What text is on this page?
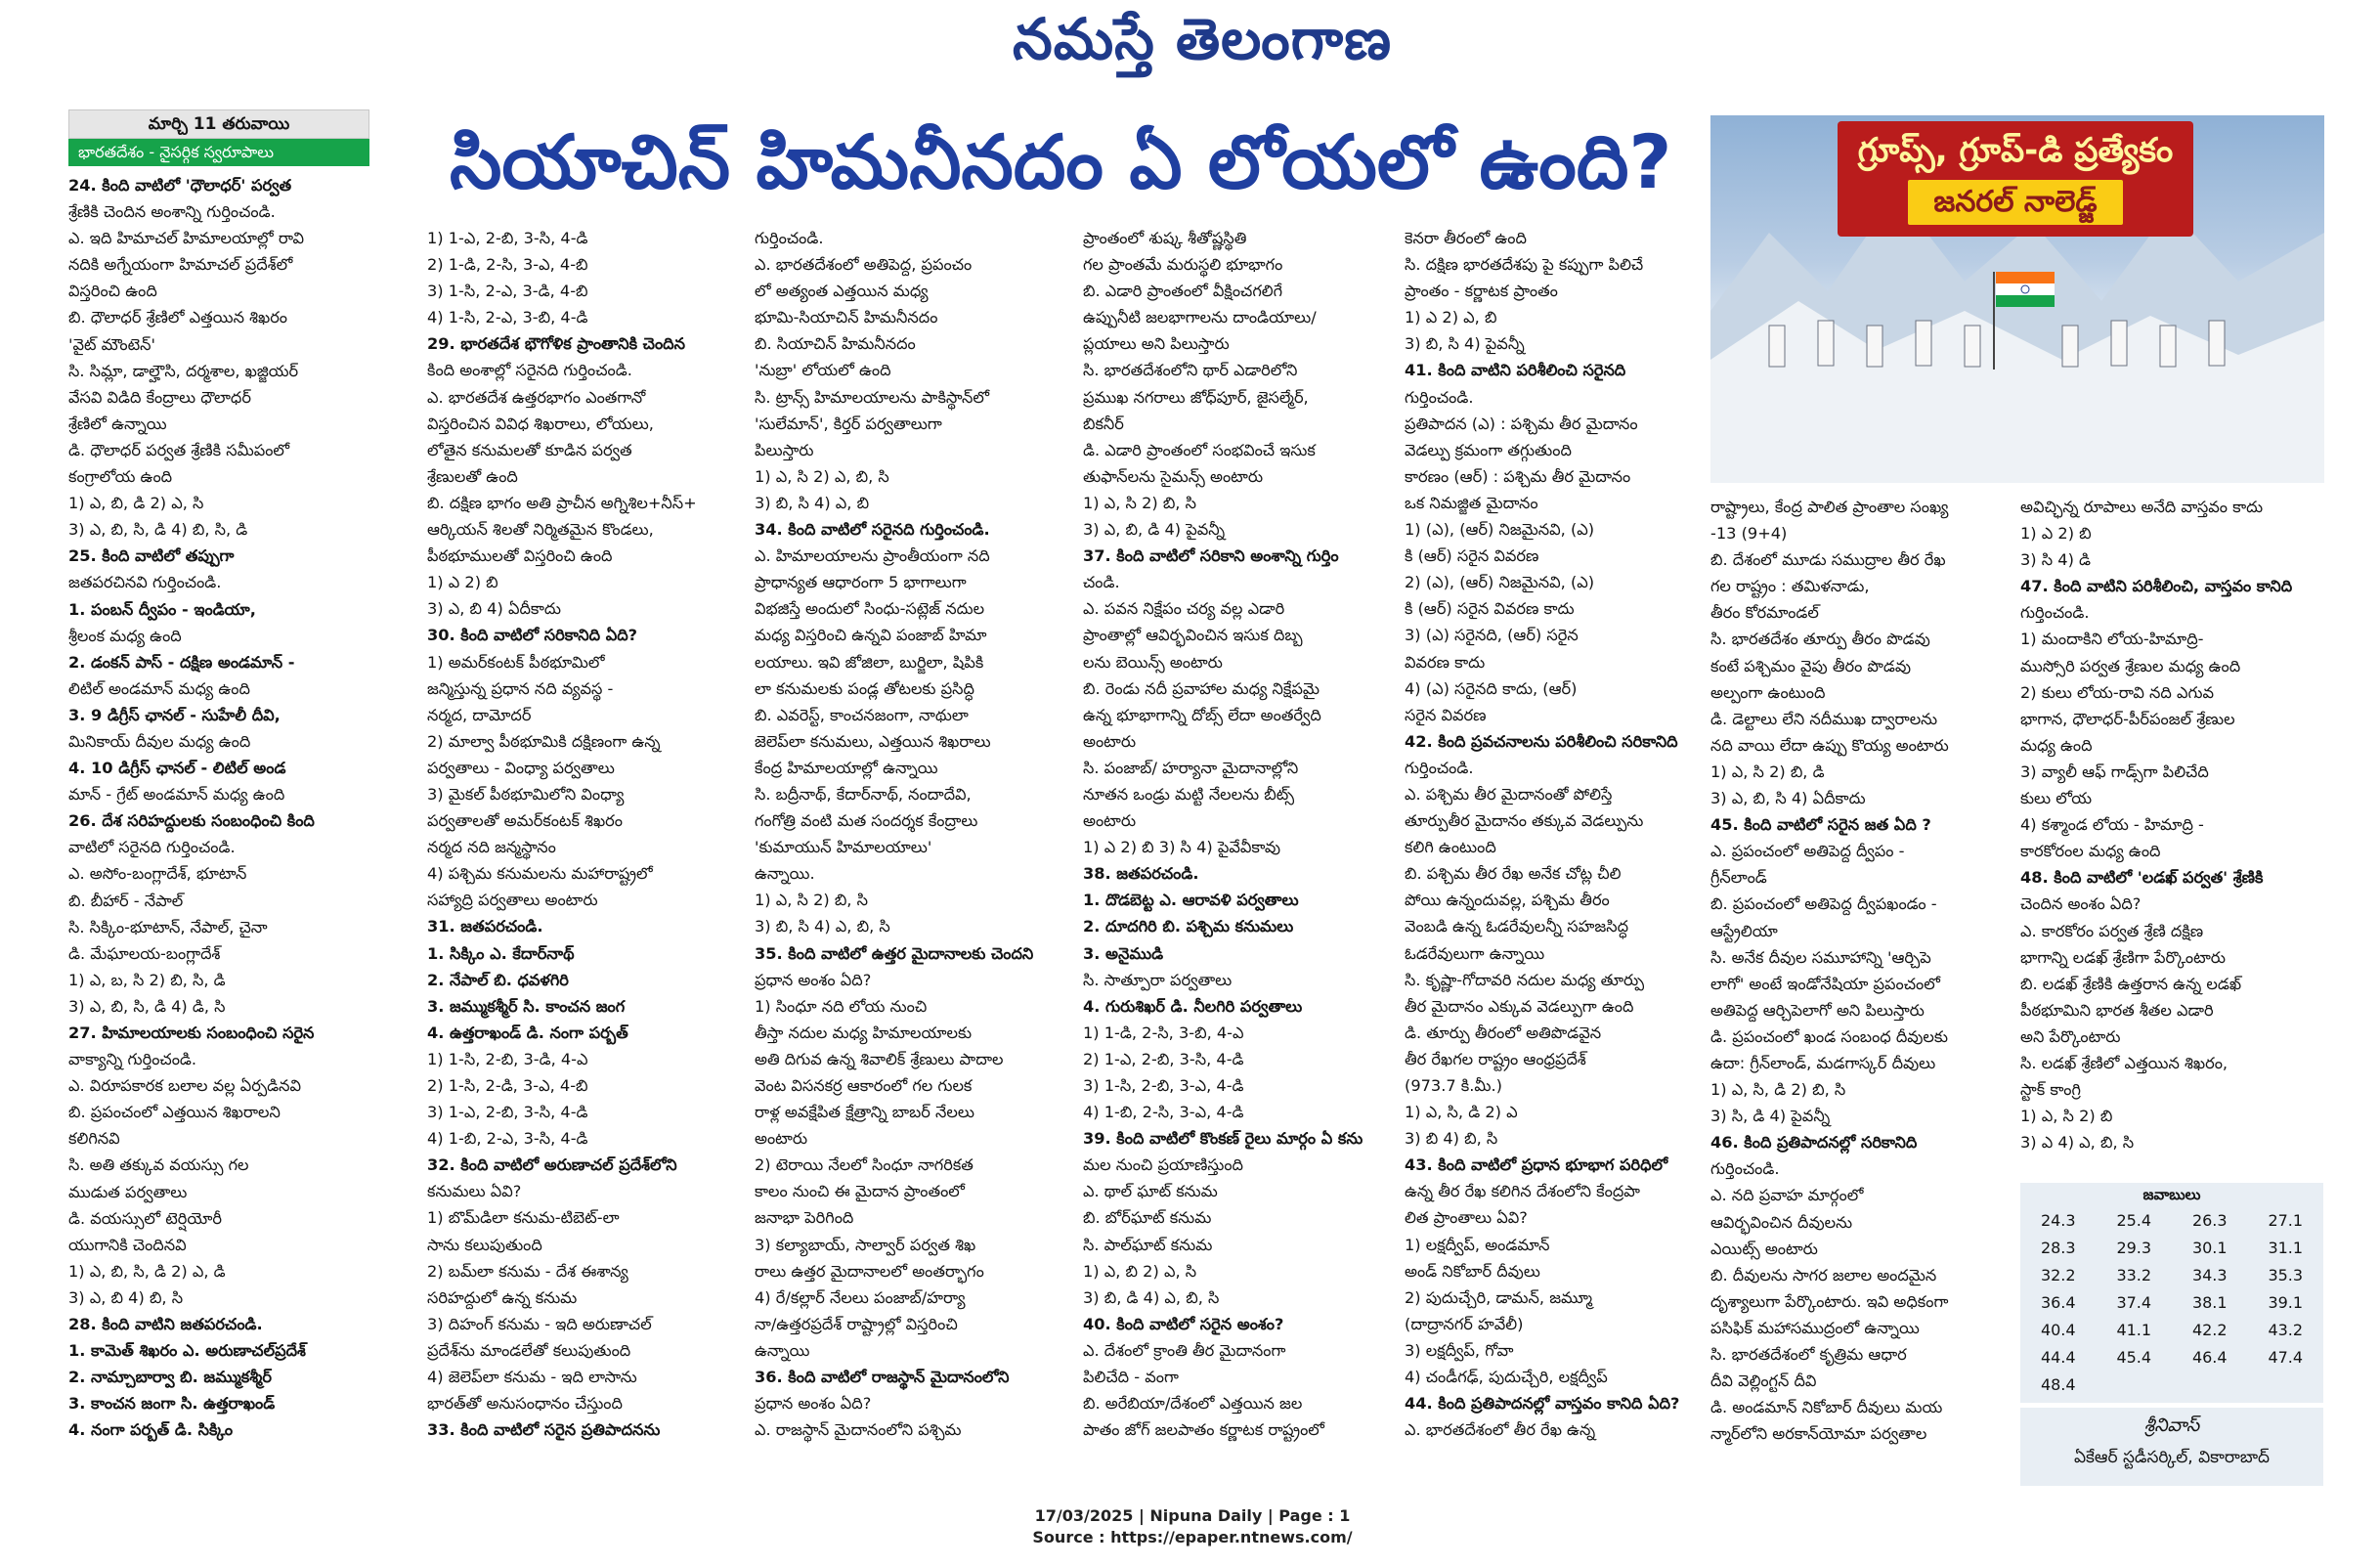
నమస్తే తెలంగాణ
మార్చి 11 తరువాయి
భారతదేశం - నైసర్గిక స్వరూపాలు	సియాచిన్ హిమనీనదం ఏ లోయలో ఉంది?	గ్రూప్స్, గ్రూప్-డి ప్రత్యేకం
జనరల్ నాలెడ్జ్
24. కింది వాటిలో 'ధౌలాధర్' పర్వత
శ్రేణికి చెందిన అంశాన్ని గుర్తించండి.
ఎ. ఇది హిమాచల్ హిమాలయాల్లో రావి
నదికి అగ్నేయంగా హిమాచల్ ప్రదేశ్‌లో
విస్తరించి ఉంది
బి. ధౌలాధర్ శ్రేణిలో ఎత్తయిన శిఖరం
'వైట్ మౌంటెన్'
సి. సిమ్లా, డాల్హౌసి, దర్మశాల, ఖజ్జియర్
వేసవి విడిది కేంద్రాలు ధౌలాధర్
శ్రేణిలో ఉన్నాయి
డి. ధౌలాధర్ పర్వత శ్రేణికి సమీపంలో
కంగ్రాలోయ ఉంది
1) ఎ, బి, డి 2) ఎ, సి
3) ఎ, బి, సి, డి 4) బి, సి, డి
25. కింది వాటిలో తప్పుగా
జతపరచినవి గుర్తించండి.
1. పంబన్ ద్వీపం - ఇండియా,
శ్రీలంక మధ్య ఉంది
2. డంకన్ పాస్ - దక్షిణ అండమాన్ -
లిటిల్ అండమాన్ మధ్య ఉంది
3. 9 డిగ్రీస్ ఛానల్ - సుహేలీ దీవి,
మినికాయ్ దీవుల మధ్య ఉంది
4. 10 డిగ్రీస్ ఛానల్ - లిటిల్ అండ
మాన్ - గ్రేట్ అండమాన్ మధ్య ఉంది
26. దేశ సరిహద్దులకు సంబంధించి కింది
వాటిలో సరైనది గుర్తించండి.
ఎ. అసోం-బంగ్లాదేశ్, భూటాన్
బి. బీహార్ - నేపాల్
సి. సిక్కిం-భూటాన్, నేపాల్, చైనా
డి. మేఘాలయ-బంగ్లాదేశ్
1) ఎ, బ, సి 2) బి, సి, డి
3) ఎ, బి, సి, డి 4) డి, సి
27. హిమాలయాలకు సంబంధించి సరైన
వాక్యాన్ని గుర్తించండి.
ఎ. విరూపకారక బలాల వల్ల ఏర్పడినవి
బి. ప్రపంచంలో ఎత్తయిన శిఖరాలని
కలిగినవి
సి. అతి తక్కువ వయస్సు గల
ముడుత పర్వతాలు
డి. వయస్సులో టెర్షియోరీ
యుగానికి చెందినవి
1) ఎ, బి, సి, డి 2) ఎ, డి
3) ఎ, బి 4) బి, సి
28. కింది వాటిని జతపరచండి.
1. కామెత్ శిఖరం ఎ. అరుణాచల్‌ప్రదేశ్
2. నామ్చాబార్వా బి. జమ్ముకశ్మీర్
3. కాంచన జంగా సి. ఉత్తరాఖండ్
4. నంగా పర్బత్ డి. సిక్కిం
1) 1-ఎ, 2-బి, 3-సి, 4-డి
2) 1-డి, 2-సి, 3-ఎ, 4-బి
3) 1-సి, 2-ఎ, 3-డి, 4-బి
4) 1-సి, 2-ఎ, 3-బి, 4-డి
29. భారతదేశ భౌగోళిక ప్రాంతానికి చెందిన
కింది అంశాల్లో సరైనది గుర్తించండి.
ఎ. భారతదేశ ఉత్తరభాగం ఎంతగానో
విస్తరించిన వివిధ శిఖరాలు, లోయలు,
లోతైన కనుమలతో కూడిన పర్వత
శ్రేణులతో ఉంది
బి. దక్షిణ భాగం అతి ప్రాచీన అగ్నిశిల+నీస్+
ఆర్కియన్ శిలతో నిర్మితమైన కొండలు,
పీఠభూములతో విస్తరించి ఉంది
1) ఎ 2) బి
3) ఎ, బి 4) ఏదీకాదు
30. కింది వాటిలో సరికానిది ఏది?
1) అమర్‌కంటక్ పీఠభూమిలో
జన్మిస్తున్న ప్రధాన నది వ్యవస్థ -
నర్మద, దామోదర్
2) మాల్వా పీఠభూమికి దక్షిణంగా ఉన్న
పర్వతాలు - వింధ్యా పర్వతాలు
3) మైకల్ పీఠభూమిలోని వింధ్యా
పర్వతాలతో అమర్‌కంటక్ శిఖరం
నర్మద నది జన్మస్థానం
4) పశ్చిమ కనుమలను మహారాష్ట్రలో
సహ్యాద్రి పర్వతాలు అంటారు
31. జతపరచండి.
1. సిక్కిం ఎ. కేదార్‌నాథ్
2. నేపాల్ బి. ధవళగిరి
3. జమ్ముకశ్మీర్ సి. కాంచన జంగ
4. ఉత్తరాఖండ్ డి. నంగా పర్బత్
1) 1-సి, 2-బి, 3-డి, 4-ఎ
2) 1-సి, 2-డి, 3-ఎ, 4-బి
3) 1-ఎ, 2-బి, 3-సి, 4-డి
4) 1-బి, 2-ఎ, 3-సి, 4-డి
32. కింది వాటిలో అరుణాచల్ ప్రదేశ్‌లోని
కనుమలు ఏవి?
1) బొమ్‌డిలా కనుమ-టిబెట్-లా
సాను కలుపుతుంది
2) బమ్‌లా కనుమ - దేశ ఈశాన్య
సరిహద్దులో ఉన్న కనుమ
3) దిహంగ్ కనుమ - ఇది అరుణాచల్
ప్రదేశ్‌ను మాండలేతో కలుపుతుంది
4) జెలెప్‌లా కనుమ - ఇది లాసాను
భారత్‌తో అనుసంధానం చేస్తుంది
33. కింది వాటిలో సరైన ప్రతిపాదనను
గుర్తించండి.
ఎ. భారతదేశంలో అతిపెద్ద, ప్రపంచం
లో అత్యంత ఎత్తయిన మధ్య
భూమి-సియాచిన్ హిమనీనదం
బి. సియాచిన్ హిమనీనదం
'నుబ్రా' లోయలో ఉంది
సి. ట్రాన్స్ హిమాలయాలను పాకిస్థాన్‌లో
'సులేమాన్', కిర్తర్ పర్వతాలుగా
పిలుస్తారు
1) ఎ, సి 2) ఎ, బి, సి
3) బి, సి 4) ఎ, బి
34. కింది వాటిలో సరైనది గుర్తించండి.
ఎ. హిమాలయాలను ప్రాంతీయంగా నది
ప్రాధాన్యత ఆధారంగా 5 భాగాలుగా
విభజిస్తే అందులో సింధు-సట్లెజ్ నదుల
మధ్య విస్తరించి ఉన్నవి పంజాబ్ హిమా
లయాలు. ఇవి జోజిలా, బుర్జిలా, షిపికి
లా కనుమలకు పండ్ల తోటలకు ప్రసిద్ధి
బి. ఎవరెస్ట్, కాంచనజంగా, నాథులా
జెలెప్‌లా కనుమలు, ఎత్తయిన శిఖరాలు
కేంద్ర హిమాలయాల్లో ఉన్నాయి
సి. బద్రీనాథ్, కేదార్‌నాథ్, నందాదేవి,
గంగోత్రి వంటి మత సందర్శక కేంద్రాలు
'కుమాయున్ హిమాలయాలు'
ఉన్నాయి.
1) ఎ, సి 2) బి, సి
3) బి, సి 4) ఎ, బి, సి
35. కింది వాటిలో ఉత్తర మైదానాలకు చెందని
ప్రధాన అంశం ఏది?
1) సింధూ నది లోయ నుంచి
తీస్తా నదుల మధ్య హిమాలయాలకు
అతి దిగువ ఉన్న శివాలిక్ శ్రేణులు పాదాల
వెంట విసనకర్ర ఆకారంలో గల గులక
రాళ్ల అవక్షేపిత క్షేత్రాన్ని బాబర్ నేలలు
అంటారు
2) టెరాయి నేలలో సింధూ నాగరికత
కాలం నుంచి ఈ మైదాన ప్రాంతంలో
జనాభా పెరిగింది
3) కల్యాబాయ్, సాల్వార్ పర్వత శిఖ
రాలు ఉత్తర మైదానాలలో అంతర్భాగం
4) రే/కల్లార్ నేలలు పంజాబ్/హర్యా
నా/ఉత్తరప్రదేశ్ రాష్ట్రాల్లో విస్తరించి
ఉన్నాయి
36. కింది వాటిలో రాజస్థాన్ మైదానంలోని
ప్రధాన అంశం ఏది?
ఎ. రాజస్థాన్ మైదానంలోని పశ్చిమ
ప్రాంతంలో శుష్క శీతోష్ణస్థితి
గల ప్రాంతమే మరుస్థలి భూభాగం
బి. ఎడారి ప్రాంతంలో వీక్షించగలిగే
ఉప్పునీటి జలభాగాలను దాండియాలు/
ప్లయాలు అని పిలుస్తారు
సి. భారతదేశంలోని థార్ ఎడారిలోని
ప్రముఖ నగరాలు జోధ్‌పూర్, జైసల్మేర్,
బికనీర్
డి. ఎడారి ప్రాంతంలో సంభవించే ఇసుక
తుఫాన్‌లను సైమన్స్ అంటారు
1) ఎ, సి 2) బి, సి
3) ఎ, బి, డి 4) పైవన్నీ
37. కింది వాటిలో సరికాని అంశాన్ని గుర్తిం
చండి.
ఎ. పవన నిక్షేపం చర్య వల్ల ఎడారి
ప్రాంతాల్లో ఆవిర్భవించిన ఇసుక దిబ్బ
లను బెయిన్స్ అంటారు
బి. రెండు నదీ ప్రవాహాల మధ్య నిక్షేపమై
ఉన్న భూభాగాన్ని దోబ్స్ లేదా అంతర్వేది
అంటారు
సి. పంజాబ్/ హర్యానా మైదానాల్లోని
నూతన ఒండ్రు మట్టి నేలలను బీట్స్
అంటారు
1) ఎ 2) బి 3) సి 4) పైవేవీకావు
38. జతపరచండి.
1. దొడబెట్ట ఎ. ఆరావళి పర్వతాలు
2. దూదగిరి బి. పశ్చిమ కనుమలు
3. అనైముడి
సి. సాత్పూరా పర్వతాలు
4. గురుశిఖర్ డి. నీలగిరి పర్వతాలు
1) 1-డి, 2-సి, 3-బి, 4-ఎ
2) 1-ఎ, 2-బి, 3-సి, 4-డి
3) 1-సి, 2-బి, 3-ఎ, 4-డి
4) 1-బి, 2-సి, 3-ఎ, 4-డి
39. కింది వాటిలో కొంకణ్ రైలు మార్గం ఏ కను
మల నుంచి ప్రయాణిస్తుంది
ఎ. థాల్ ఘాట్ కనుమ
బి. బోర్‌ఘాట్ కనుమ
సి. పాల్‌ఘాట్ కనుమ
1) ఎ, బి 2) ఎ, సి
3) బి, డి 4) ఎ, బి, సి
40. కింది వాటిలో సరైన అంశం?
ఎ. దేశంలో క్రాంతి తీర మైదానంగా
పిలిచేది - వంగా
బి. అరేబియా/దేశంలో ఎత్తయిన జల
పాతం జోగ్ జలపాతం కర్ణాటక రాష్ట్రంలో
కెనరా తీరంలో ఉంది
సి. దక్షిణ భారతదేశపు పై కప్పుగా పిలిచే
ప్రాంతం - కర్ణాటక ప్రాంతం
1) ఎ 2) ఎ, బి
3) బి, సి 4) పైవన్నీ
41. కింది వాటిని పరిశీలించి సరైనది
గుర్తించండి.
ప్రతిపాదన (ఎ) : పశ్చిమ తీర మైదానం
వెడల్పు క్రమంగా తగ్గుతుంది
కారణం (ఆర్) : పశ్చిమ తీర మైదానం
ఒక నిమజ్జిత మైదానం
1) (ఎ), (ఆర్) నిజమైనవి, (ఎ)
కి (ఆర్) సరైన వివరణ
2) (ఎ), (ఆర్) నిజమైనవి, (ఎ)
కి (ఆర్) సరైన వివరణ కాదు
3) (ఎ) సరైనది, (ఆర్) సరైన
వివరణ కాదు
4) (ఎ) సరైనది కాదు, (ఆర్)
సరైన వివరణ
42. కింది ప్రవచనాలను పరిశీలించి సరికానిది
గుర్తించండి.
ఎ. పశ్చిమ తీర మైదానంతో పోలిస్తే
తూర్పుతీర మైదానం తక్కువ వెడల్పును
కలిగి ఉంటుంది
బి. పశ్చిమ తీర రేఖ అనేక చోట్ల చీలి
పోయి ఉన్నందువల్ల, పశ్చిమ తీరం
వెంబడి ఉన్న ఓడరేవులన్నీ సహజసిద్ధ
ఓడరేవులుగా ఉన్నాయి
సి. కృష్ణా-గోదావరి నదుల మధ్య తూర్పు
తీర మైదానం ఎక్కువ వెడల్పుగా ఉంది
డి. తూర్పు తీరంలో అతిపొడవైన
తీర రేఖగల రాష్ట్రం ఆంధ్రప్రదేశ్
(973.7 కి.మీ.)
1) ఎ, సి, డి 2) ఎ
3) బి 4) బి, సి
43. కింది వాటిలో ప్రధాన భూభాగ పరిధిలో
ఉన్న తీర రేఖ కలిగిన దేశంలోని కేంద్రపా
లిత ప్రాంతాలు ఏవి?
1) లక్షద్వీప్, అండమాన్
అండ్ నికోబార్ దీవులు
2) పుదుచ్చేరి, డామన్, జమ్మూ
(దాద్రానగర్ హవేలీ)
3) లక్షద్వీప్, గోవా
4) చండీగఢ్, పుదుచ్చేరి, లక్షద్వీప్
44. కింది ప్రతిపాదనల్లో వాస్తవం కానిది ఏది?
ఎ. భారతదేశంలో తీర రేఖ ఉన్న
రాష్ట్రాలు, కేంద్ర పాలిత ప్రాంతాల సంఖ్య
-13 (9+4)
బి. దేశంలో మూడు సముద్రాల తీర రేఖ
గల రాష్ట్రం : తమిళనాడు,
తీరం కోరమాండల్
సి. భారతదేశం తూర్పు తీరం పొడవు
కంటే పశ్చిమం వైపు తీరం పొడవు
అల్పంగా ఉంటుంది
డి. డెల్టాలు లేని నదీముఖ ద్వారాలను
నది వాయి లేదా ఉప్పు కొయ్య అంటారు
1) ఎ, సి 2) బి, డి
3) ఎ, బి, సి 4) ఏదీకాదు
45. కింది వాటిలో సరైన జత ఏది ?
ఎ. ప్రపంచంలో అతిపెద్ద ద్వీపం -
గ్రీన్‌లాండ్
బి. ప్రపంచంలో అతిపెద్ద ద్వీపఖండం -
ఆస్ట్రేలియా
సి. అనేక దీవుల సమూహాన్ని 'ఆర్చిపె
లాగో' అంటే ఇండోనేషియా ప్రపంచంలో
అతిపెద్ద ఆర్చిపెలాగో అని పిలుస్తారు
డి. ప్రపంచంలో ఖండ సంబంధ దీవులకు
ఉదా: గ్రీన్‌లాండ్, మడగాస్కర్ దీవులు
1) ఎ, సి, డి 2) బి, సి
3) సి, డి 4) పైవన్నీ
46. కింది ప్రతిపాదనల్లో సరికానిది
గుర్తించండి.
ఎ. నది ప్రవాహ మార్గంలో
ఆవిర్భవించిన దీవులను
ఎయిట్స్ అంటారు
బి. దీవులను సాగర జలాల అందమైన
దృశ్యాలుగా పేర్కొంటారు. ఇవి అధికంగా
పసిఫిక్ మహాసముద్రంలో ఉన్నాయి
సి. భారతదేశంలో కృత్రిమ ఆధార
దీవి వెల్లింగ్టన్ దీవి
డి. అండమాన్ నికోబార్ దీవులు మయ
న్మార్‌లోని అరకాన్‌యోమా పర్వతాల
అవిచ్ఛిన్న రూపాలు అనేది వాస్తవం కాదు
1) ఎ 2) బి
3) సి 4) డి
47. కింది వాటిని పరిశీలించి, వాస్తవం కానిది
గుర్తించండి.
1) మందాకిని లోయ-హిమాద్రి-
ముస్సోరి పర్వత శ్రేణుల మధ్య ఉంది
2) కులు లోయ-రావి నది ఎగువ
భాగాన, ధౌలాధర్-పీర్‌పంజల్ శ్రేణుల
మధ్య ఉంది
3) వ్యాలీ ఆఫ్ గాడ్స్‌గా పిలిచేది
కులు లోయ
4) కశ్మాండ లోయ - హిమాద్రి -
కారకోరంల మధ్య ఉంది
48. కింది వాటిలో 'లడఖ్ పర్వత' శ్రేణికి
చెందిన అంశం ఏది?
ఎ. కారకోరం పర్వత శ్రేణి దక్షిణ
భాగాన్ని లడఖ్ శ్రేణిగా పేర్కొంటారు
బి. లడఖ్ శ్రేణికి ఉత్తరాన ఉన్న లడఖ్
పీఠభూమిని భారత శీతల ఎడారి
అని పేర్కొంటారు
సి. లడఖ్ శ్రేణిలో ఎత్తయిన శిఖరం,
స్టాక్ కాంగ్రి
1) ఎ, సి 2) బి
3) ఎ 4) ఎ, బి, సి
జవాబులు
24.3	25.4	26.3	27.1
28.3	29.3	30.1	31.1
32.2	33.2	34.3	35.3
36.4	37.4	38.1	39.1
40.4	41.1	42.2	43.2
44.4	45.4	46.4	47.4
48.4			
శ్రీనివాస్
ఏకేఆర్ స్టడీసర్కిల్, వికారాబాద్
17/03/2025 | Nipuna Daily | Page : 1
Source : https://epaper.ntnews.com/
